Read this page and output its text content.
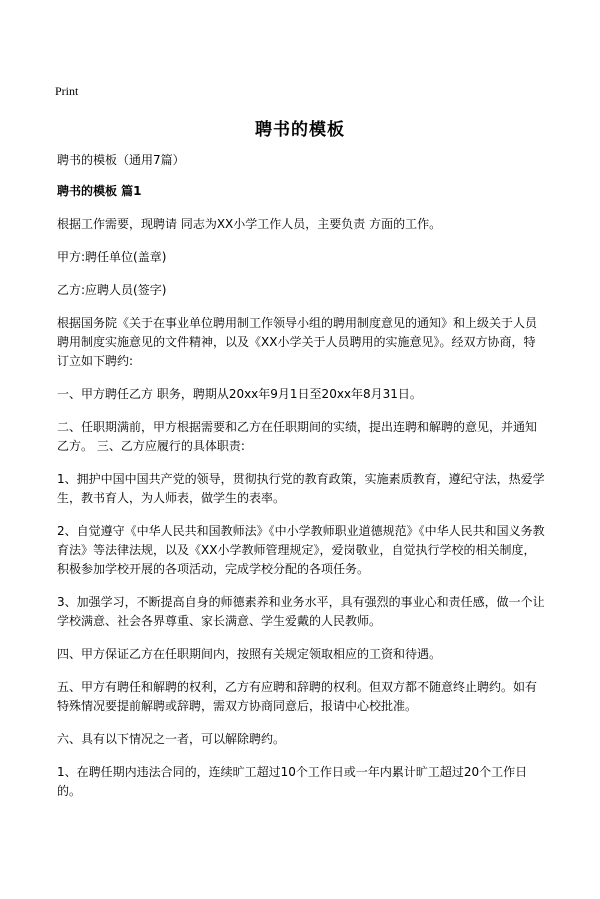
Print
聘书的模板

聘书的模板（通用7篇）

聘书的模板 篇1

根据工作需要，现聘请 同志为XX小学工作人员，主要负责 方面的工作。

甲方:聘任单位(盖章)

乙方:应聘人员(签字)

根据国务院《关于在事业单位聘用制工作领导小组的聘用制度意见的通知》和上级关于人员聘用制度实施意见的文件精神，以及《XX小学关于人员聘用的实施意见》。经双方协商，特订立如下聘约:

一、甲方聘任乙方 职务，聘期从20xx年9月1日至20xx年8月31日。

二、任职期满前，甲方根据需要和乙方在任职期间的实绩，提出连聘和解聘的意见，并通知乙方。 三、乙方应履行的具体职责:

1、拥护中国中国共产党的领导，贯彻执行党的教育政策，实施素质教育，遵纪守法，热爱学生，教书育人，为人师表，做学生的表率。

2、自觉遵守《中华人民共和国教师法》《中小学教师职业道德规范》《中华人民共和国义务教育法》等法律法规，以及《XX小学教师管理规定》，爱岗敬业，自觉执行学校的相关制度，积极参加学校开展的各项活动，完成学校分配的各项任务。

3、加强学习，不断提高自身的师德素养和业务水平，具有强烈的事业心和责任感，做一个让学校满意、社会各界尊重、家长满意、学生爱戴的人民教师。

四、甲方保证乙方在任职期间内，按照有关规定领取相应的工资和待遇。

五、甲方有聘任和解聘的权利，乙方有应聘和辞聘的权利。但双方都不随意终止聘约。如有特殊情况要提前解聘或辞聘，需双方协商同意后，报请中心校批准。

六、具有以下情况之一者，可以解除聘约。

1、在聘任期内违法合同的，连续旷工超过10个工作日或一年内累计旷工超过20个工作日的。
